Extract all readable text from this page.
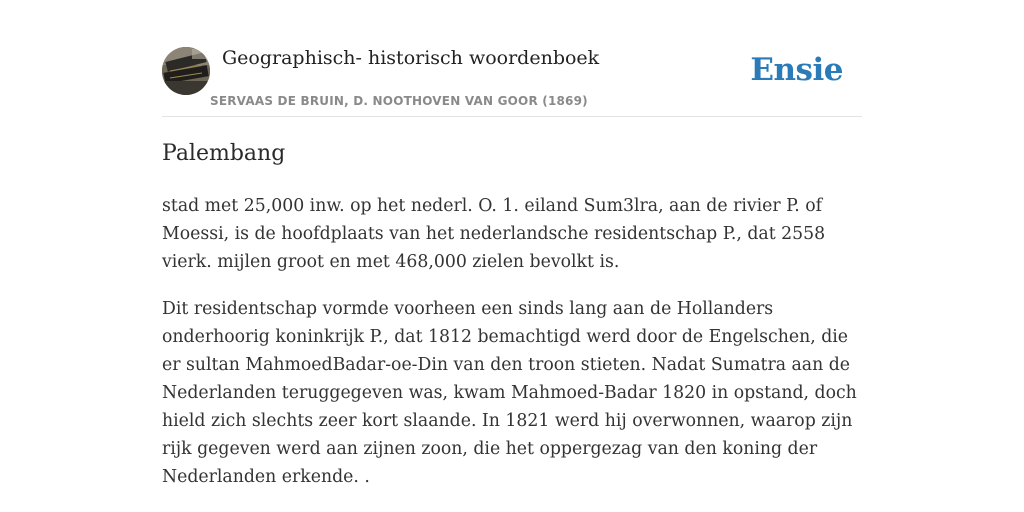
Geographisch- historisch woordenboek
SERVAAS DE BRUIN, D. NOOTHOVEN VAN GOOR (1869)
Ensie
Palembang

stad met 25,000 inw. op het nederl. O. 1. eiland Sum3lra, aan de rivier P. of Moessi, is de hoofdplaats van het nederlandsche residentschap P., dat 2558 vierk. mijlen groot en met 468,000 zielen bevolkt is.

Dit residentschap vormde voorheen een sinds lang aan de Hollanders onderhoorig koninkrijk P., dat 1812 bemachtigd werd door de Engelschen, die er sultan MahmoedBadar-oe-Din van den troon stieten. Nadat Sumatra aan de Nederlanden teruggegeven was, kwam Mahmoed-Badar 1820 in opstand, doch hield zich slechts zeer kort slaande. In 1821 werd hij overwonnen, waarop zijn rijk gegeven werd aan zijnen zoon, die het oppergezag van den koning der Nederlanden erkende. .
